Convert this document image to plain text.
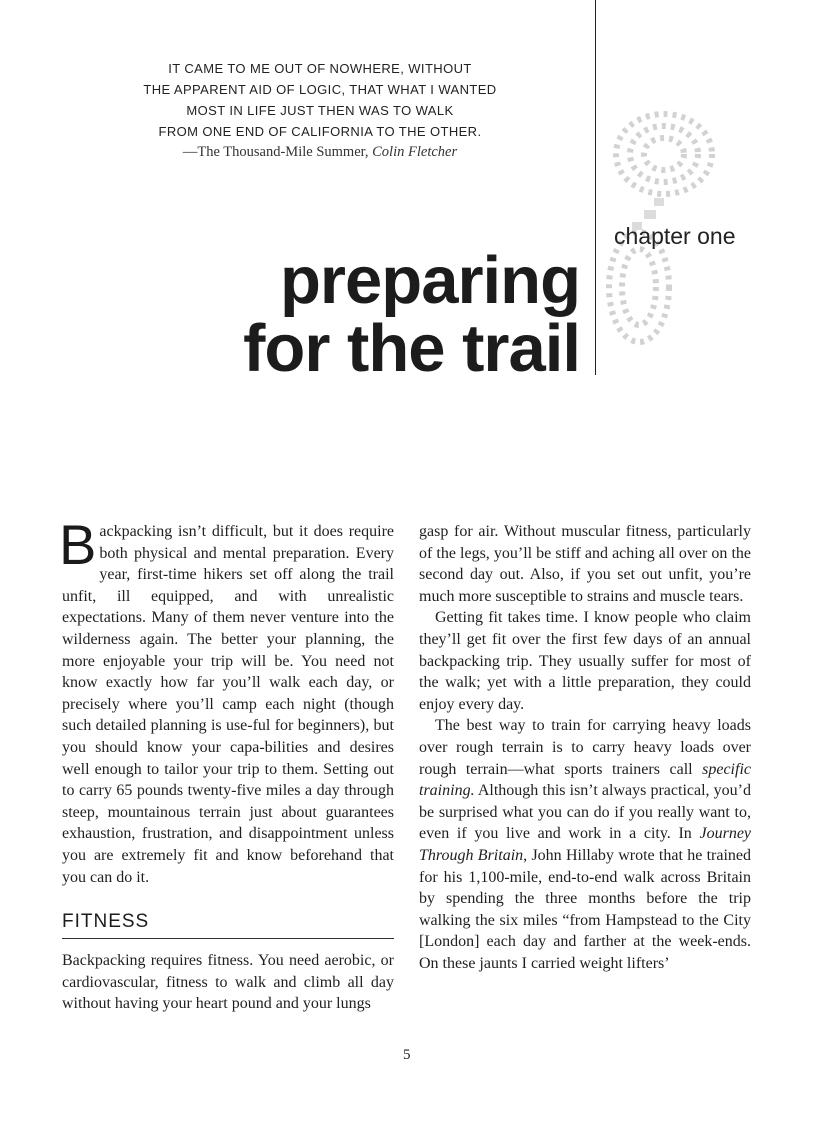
IT CAME TO ME OUT OF NOWHERE, WITHOUT
THE APPARENT AID OF LOGIC, THAT WHAT I WANTED
MOST IN LIFE JUST THEN WAS TO WALK
FROM ONE END OF CALIFORNIA TO THE OTHER.
—The Thousand-Mile Summer, Colin Fletcher
chapter one
preparing
for the trail

Backpacking isn’t difficult, but it does require both physical and mental preparation. Every year, first-time hikers set off along the trail unfit, ill equipped, and with unrealistic expectations. Many of them never venture into the wilderness again. The better your planning, the more enjoyable your trip will be. You need not know exactly how far you’ll walk each day, or precisely where you’ll camp each night (though such detailed planning is use-ful for beginners), but you should know your capa-bilities and desires well enough to tailor your trip to them. Setting out to carry 65 pounds twenty-five miles a day through steep, mountainous terrain just about guarantees exhaustion, frustration, and disappointment unless you are extremely fit and know beforehand that you can do it.

FITNESS

Backpacking requires fitness. You need aerobic, or cardiovascular, fitness to walk and climb all day without having your heart pound and your lungs

gasp for air. Without muscular fitness, particularly of the legs, you’ll be stiff and aching all over on the second day out. Also, if you set out unfit, you’re much more susceptible to strains and muscle tears.

Getting fit takes time. I know people who claim they’ll get fit over the first few days of an annual backpacking trip. They usually suffer for most of the walk; yet with a little preparation, they could enjoy every day.

The best way to train for carrying heavy loads over rough terrain is to carry heavy loads over rough terrain—what sports trainers call specific training. Although this isn’t always practical, you’d be surprised what you can do if you really want to, even if you live and work in a city. In Journey Through Britain, John Hillaby wrote that he trained for his 1,100-mile, end-to-end walk across Britain by spending the three months before the trip walking the six miles “from Hampstead to the City [London] each day and farther at the week-ends. On these jaunts I carried weight lifters’

5
